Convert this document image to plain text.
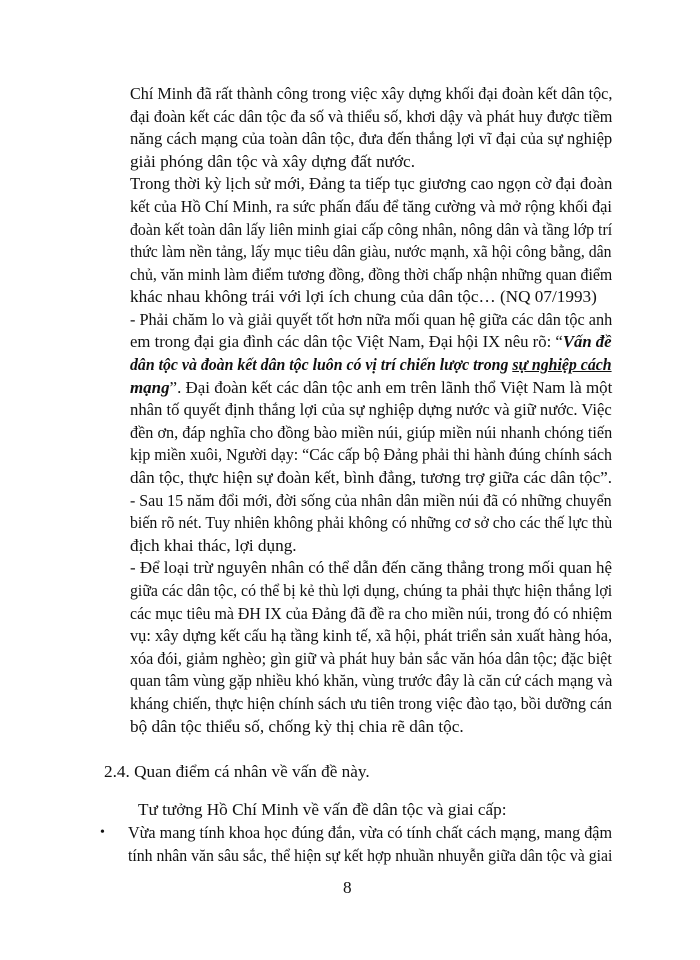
Chí Minh đã rất thành công trong việc xây dựng khối đại đoàn kết dân tộc,
đại đoàn kết các dân tộc đa số và thiểu số, khơi dậy và phát huy được tiềm
năng cách mạng của toàn dân tộc, đưa đến thắng lợi vĩ đại của sự nghiệp
giải phóng dân tộc và xây dựng đất nước.
Trong thời kỳ lịch sử mới, Đảng ta tiếp tục giương cao ngọn cờ đại đoàn
kết của Hồ Chí Minh, ra sức phấn đấu để tăng cường và mở rộng khối đại
đoàn kết toàn dân lấy liên minh giai cấp công nhân, nông dân và tầng lớp trí
thức làm nền tảng, lấy mục tiêu dân giàu, nước mạnh, xã hội công bằng, dân
chủ, văn minh làm điểm tương đồng, đồng thời chấp nhận những quan điểm
khác nhau không trái với lợi ích chung của dân tộc… (NQ 07/1993)
- Phải chăm lo và giải quyết tốt hơn nữa mối quan hệ giữa các dân tộc anh
em trong đại gia đình các dân tộc Việt Nam, Đại hội IX nêu rõ: “Vấn đề
dân tộc và đoàn kết dân tộc luôn có vị trí chiến lược trong sự nghiệp cách
mạng”. Đại đoàn kết các dân tộc anh em trên lãnh thổ Việt Nam là một
nhân tố quyết định thắng lợi của sự nghiệp dựng nước và giữ nước. Việc
đền ơn, đáp nghĩa cho đồng bào miền núi, giúp miền núi nhanh chóng tiến
kịp miền xuôi, Người dạy: “Các cấp bộ Đảng phải thi hành đúng chính sách
dân tộc, thực hiện sự đoàn kết, bình đẳng, tương trợ giữa các dân tộc”.
- Sau 15 năm đổi mới, đời sống của nhân dân miền núi đã có những chuyển
biến rõ nét. Tuy nhiên không phải không có những cơ sở cho các thế lực thù
địch khai thác, lợi dụng.
- Để loại trừ nguyên nhân có thể dẫn đến căng thẳng trong mối quan hệ
giữa các dân tộc, có thể bị kẻ thù lợi dụng, chúng ta phải thực hiện thắng lợi
các mục tiêu mà ĐH IX của Đảng đã đề ra cho miền núi, trong đó có nhiệm
vụ: xây dựng kết cấu hạ tầng kinh tế, xã hội, phát triển sản xuất hàng hóa,
xóa đói, giảm nghèo; gìn giữ và phát huy bản sắc văn hóa dân tộc; đặc biệt
quan tâm vùng gặp nhiều khó khăn, vùng trước đây là căn cứ cách mạng và
kháng chiến, thực hiện chính sách ưu tiên trong việc đào tạo, bồi dưỡng cán
bộ dân tộc thiểu số, chống kỳ thị chia rẽ dân tộc.
2.4. Quan điểm cá nhân về vấn đề này.
Tư tưởng Hồ Chí Minh về vấn đề dân tộc và giai cấp:
• Vừa mang tính khoa học đúng đắn, vừa có tính chất cách mạng, mang đậm
tính nhân văn sâu sắc, thể hiện sự kết hợp nhuần nhuyễn giữa dân tộc và giai
8
